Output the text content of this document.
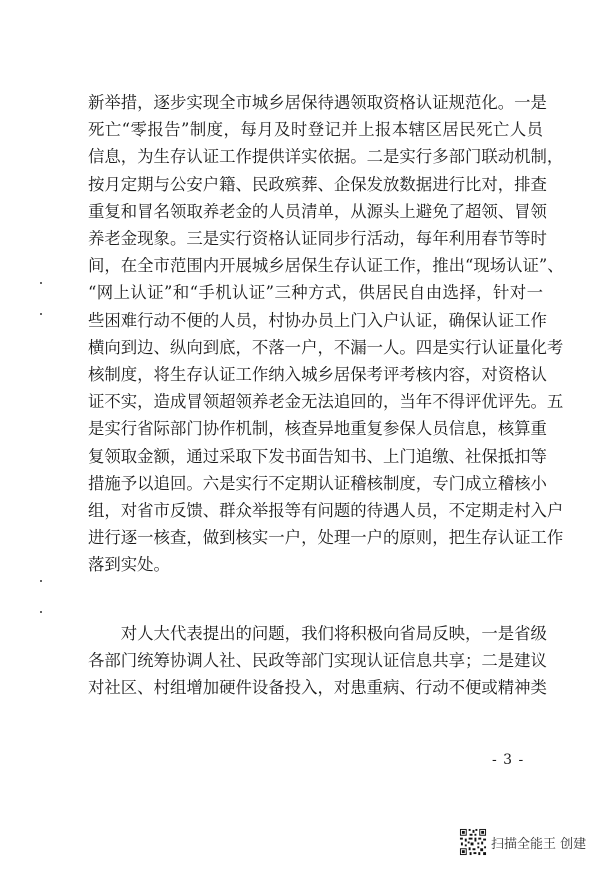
新举措，逐步实现全市城乡居保待遇领取资格认证规范化。一是
死亡“零报告”制度，每月及时登记并上报本辖区居民死亡人员
信息，为生存认证工作提供详实依据。二是实行多部门联动机制，
按月定期与公安户籍、民政殡葬、企保发放数据进行比对，排查
重复和冒名领取养老金的人员清单，从源头上避免了超领、冒领
养老金现象。三是实行资格认证同步行活动，每年利用春节等时
间，在全市范围内开展城乡居保生存认证工作，推出“现场认证”、
“网上认证”和“手机认证”三种方式，供居民自由选择，针对一
些困难行动不便的人员，村协办员上门入户认证，确保认证工作
横向到边、纵向到底，不落一户，不漏一人。四是实行认证量化考
核制度，将生存认证工作纳入城乡居保考评考核内容，对资格认
证不实，造成冒领超领养老金无法追回的，当年不得评优评先。五
是实行省际部门协作机制，核查异地重复参保人员信息，核算重
复领取金额，通过采取下发书面告知书、上门追缴、社保抵扣等
措施予以追回。六是实行不定期认证稽核制度，专门成立稽核小
组，对省市反馈、群众举报等有问题的待遇人员，不定期走村入户
进行逐一核查，做到核实一户，处理一户的原则，把生存认证工作
落到实处。
　　对人大代表提出的问题，我们将积极向省局反映，一是省级
各部门统筹协调人社、民政等部门实现认证信息共享；二是建议
对社区、村组增加硬件设备投入，对患重病、行动不便或精神类
- 3 -
扫描全能王 创建
